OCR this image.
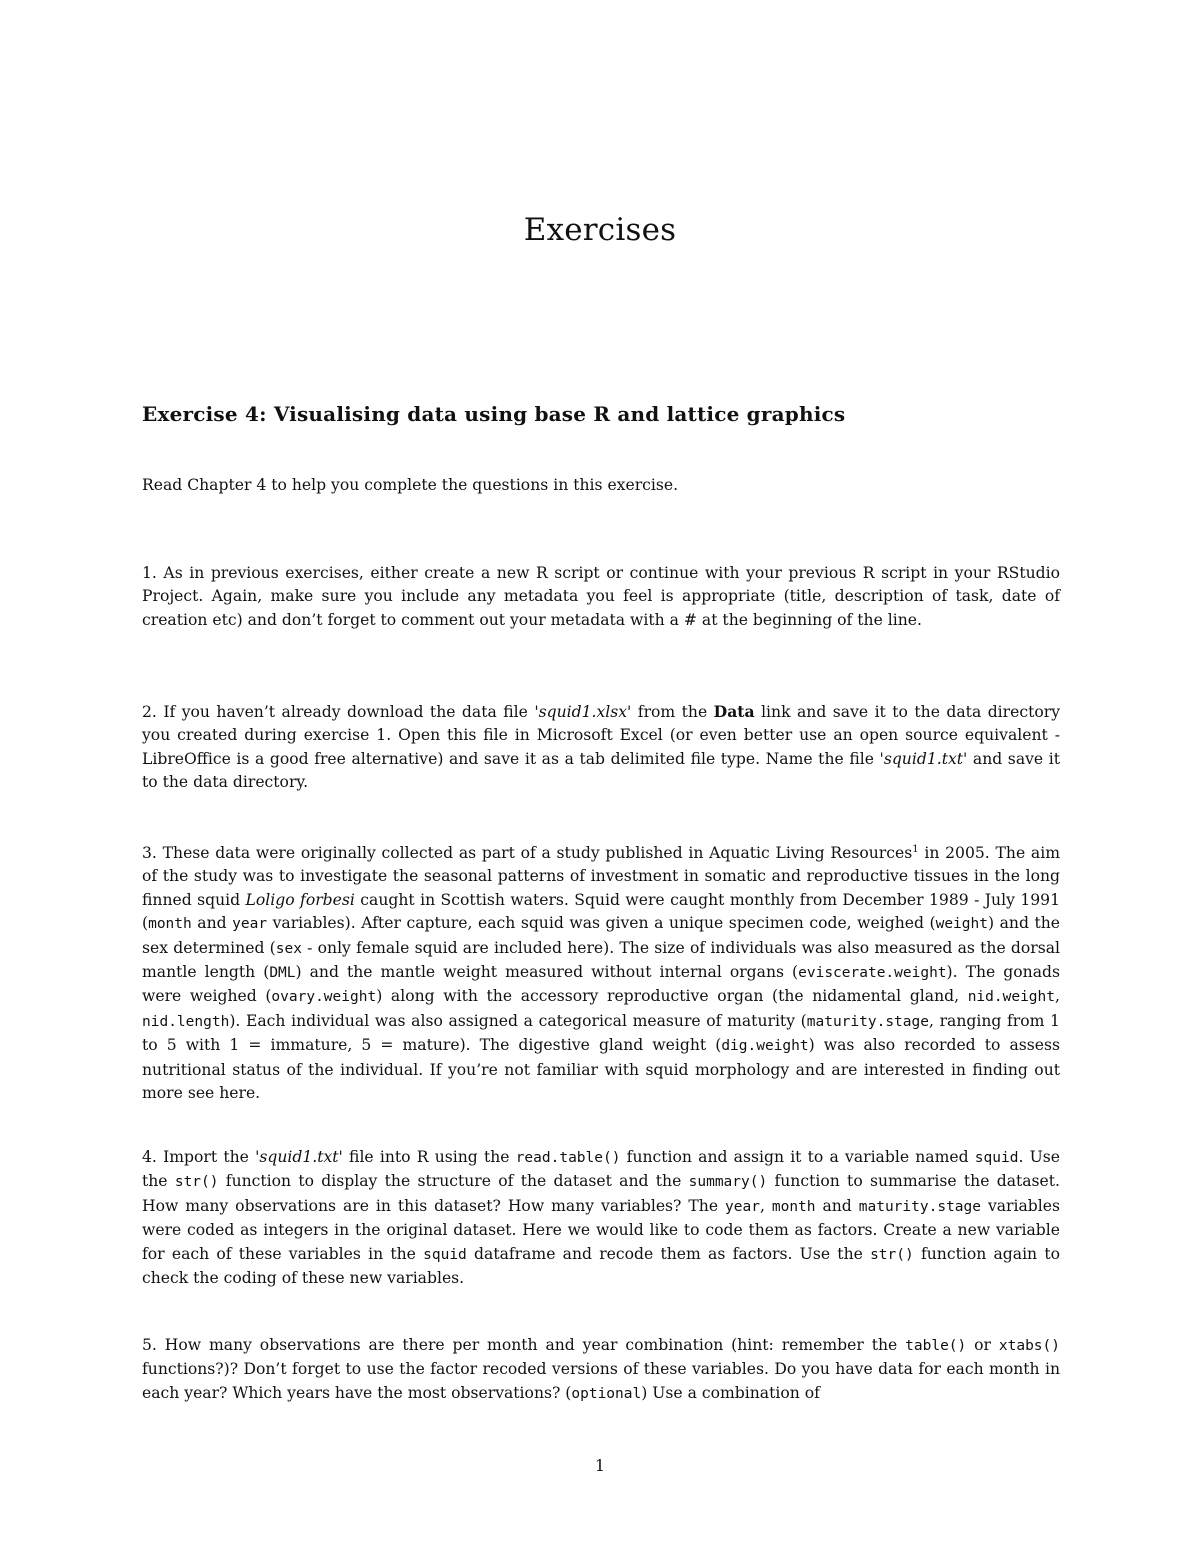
Exercises
Exercise 4: Visualising data using base R and lattice graphics

Read Chapter 4 to help you complete the questions in this exercise.

1. As in previous exercises, either create a new R script or continue with your previous R script in your RStudio Project. Again, make sure you include any metadata you feel is appropriate (title, description of task, date of creation etc) and don’t forget to comment out your metadata with a # at the beginning of the line.

2. If you haven’t already download the data file 'squid1.xlsx' from the Data link and save it to the data directory you created during exercise 1. Open this file in Microsoft Excel (or even better use an open source equivalent - LibreOffice is a good free alternative) and save it as a tab delimited file type. Name the file 'squid1.txt' and save it to the data directory.

3. These data were originally collected as part of a study published in Aquatic Living Resources$^1$ in 2005. The aim of the study was to investigate the seasonal patterns of investment in somatic and reproductive tissues in the long finned squid Loligo forbesi caught in Scottish waters. Squid were caught monthly from December 1989 - July 1991 (month and year variables). After capture, each squid was given a unique specimen code, weighed (weight) and the sex determined (sex - only female squid are included here). The size of individuals was also measured as the dorsal mantle length (DML) and the mantle weight measured without internal organs (eviscerate.weight). The gonads were weighed (ovary.weight) along with the accessory reproductive organ (the nidamental gland, nid.weight, nid.length). Each individual was also assigned a categorical measure of maturity (maturity.stage, ranging from 1 to 5 with 1 = immature, 5 = mature). The digestive gland weight (dig.weight) was also recorded to assess nutritional status of the individual. If you’re not familiar with squid morphology and are interested in finding out more see here.

4. Import the 'squid1.txt' file into R using the read.table() function and assign it to a variable named squid. Use the str() function to display the structure of the dataset and the summary() function to summarise the dataset. How many observations are in this dataset? How many variables? The year, month and maturity.stage variables were coded as integers in the original dataset. Here we would like to code them as factors. Create a new variable for each of these variables in the squid dataframe and recode them as factors. Use the str() function again to check the coding of these new variables.

5. How many observations are there per month and year combination (hint: remember the table() or xtabs() functions?)? Don’t forget to use the factor recoded versions of these variables. Do you have data for each month in each year? Which years have the most observations? (optional) Use a combination of

1
